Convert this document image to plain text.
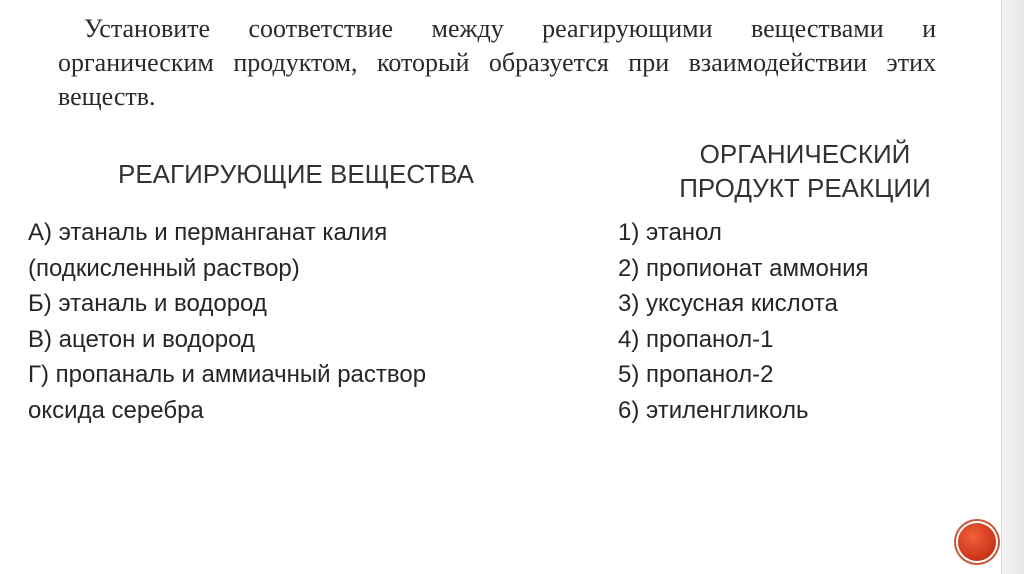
Установите соответствие между реагирующими веществами и органическим продуктом, который образуется при взаимодействии этих веществ.
РЕАГИРУЮЩИЕ ВЕЩЕСТВА
ОРГАНИЧЕСКИЙ
ПРОДУКТ РЕАКЦИИ
А) этаналь и перманганат калия
(подкисленный раствор)
Б) этаналь и водород
В) ацетон и водород
Г) пропаналь и аммиачный раствор
оксида серебра
1) этанол
2) пропионат аммония
3) уксусная кислота
4) пропанол-1
5) пропанол-2
6) этиленгликоль
